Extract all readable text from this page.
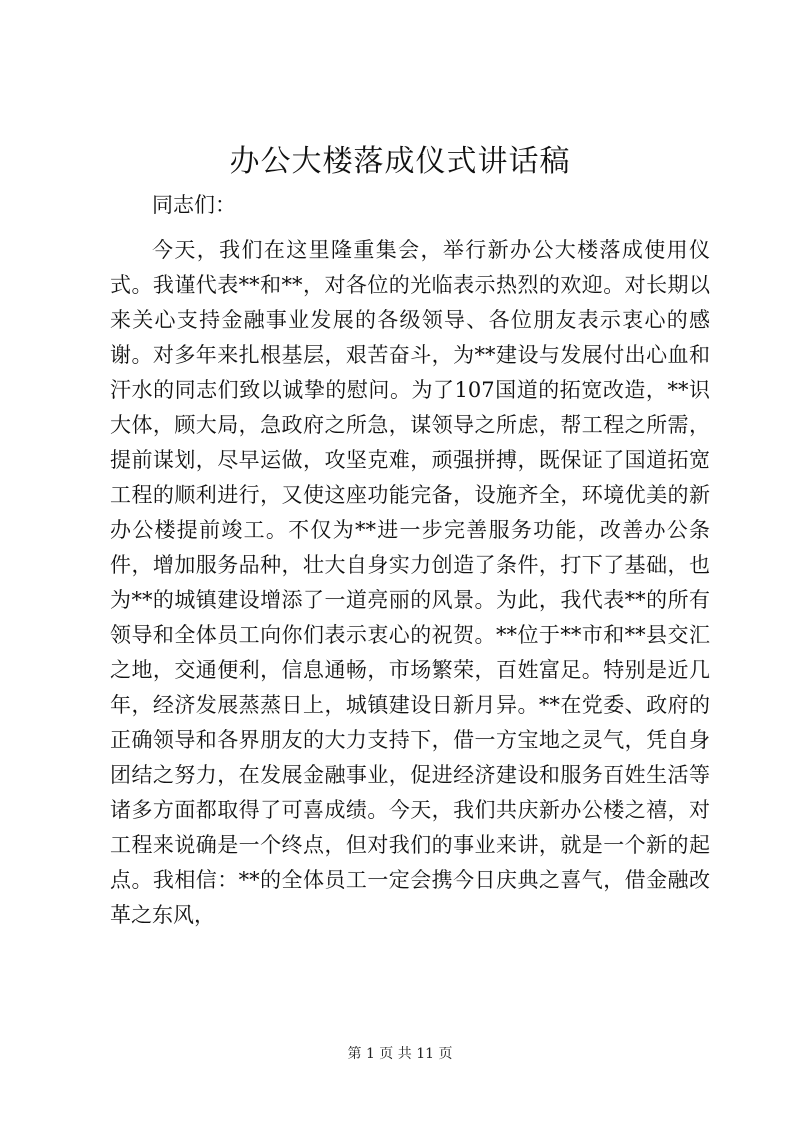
办公大楼落成仪式讲话稿

同志们：

今天，我们在这里隆重集会，举行新办公大楼落成使用仪式。我谨代表**和**，对各位的光临表示热烈的欢迎。对长期以来关心支持金融事业发展的各级领导、各位朋友表示衷心的感谢。对多年来扎根基层，艰苦奋斗，为**建设与发展付出心血和汗水的同志们致以诚挚的慰问。为了107国道的拓宽改造，**识大体，顾大局，急政府之所急，谋领导之所虑，帮工程之所需，提前谋划，尽早运做，攻坚克难，顽强拼搏，既保证了国道拓宽工程的顺利进行，又使这座功能完备，设施齐全，环境优美的新办公楼提前竣工。不仅为**进一步完善服务功能，改善办公条件，增加服务品种，壮大自身实力创造了条件，打下了基础，也为**的城镇建设增添了一道亮丽的风景。为此，我代表**的所有领导和全体员工向你们表示衷心的祝贺。**位于**市和**县交汇之地，交通便利，信息通畅，市场繁荣，百姓富足。特别是近几年，经济发展蒸蒸日上，城镇建设日新月异。**在党委、政府的正确领导和各界朋友的大力支持下，借一方宝地之灵气，凭自身团结之努力，在发展金融事业，促进经济建设和服务百姓生活等诸多方面都取得了可喜成绩。今天，我们共庆新办公楼之禧，对工程来说确是一个终点，但对我们的事业来讲，就是一个新的起点。我相信：**的全体员工一定会携今日庆典之喜气，借金融改革之东风，

第 1 页 共 11 页
